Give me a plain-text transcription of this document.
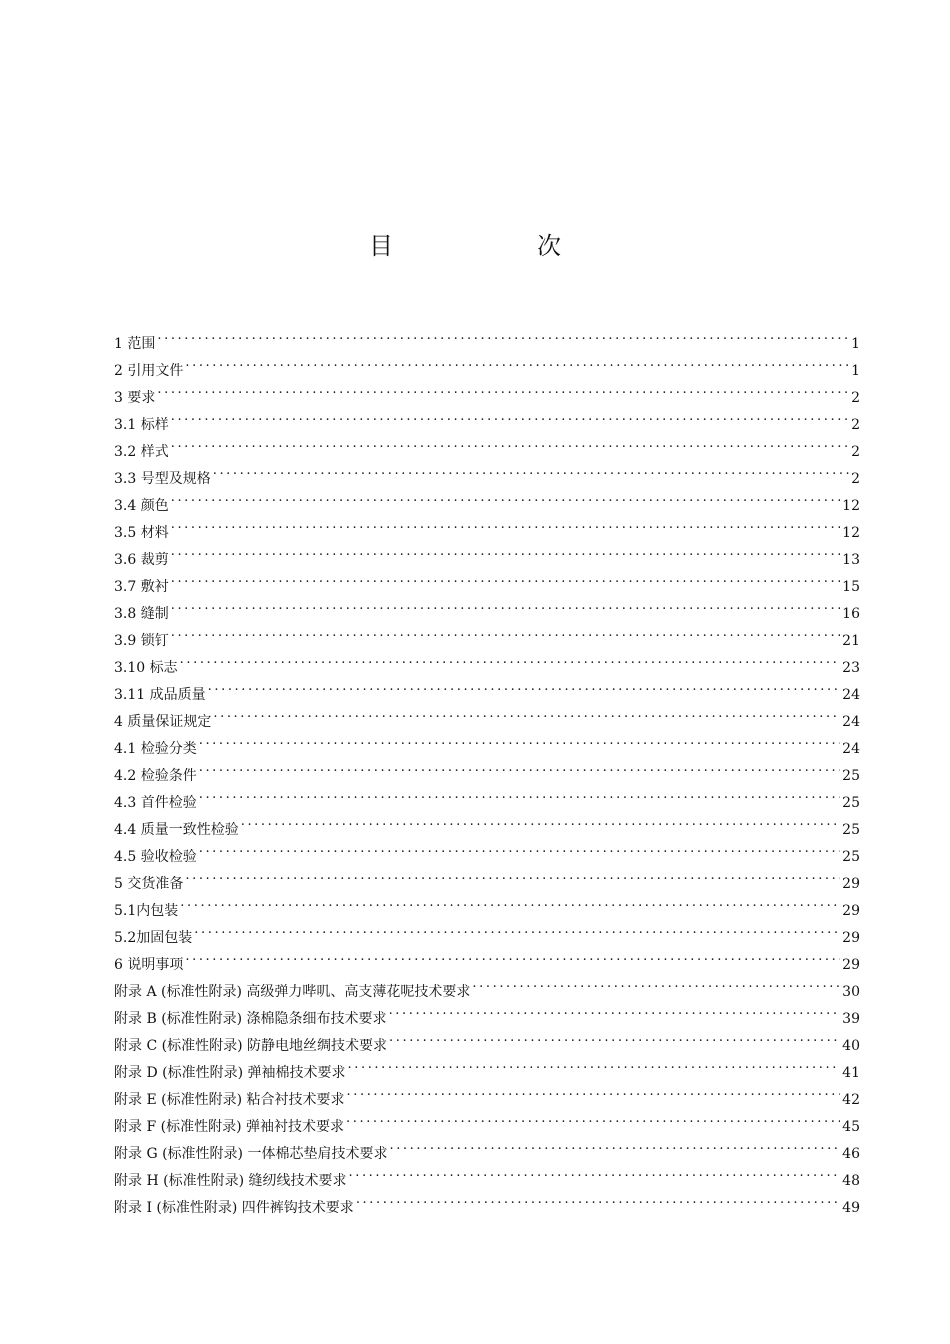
目　次
1 范围 .....	1
2 引用文件 .....	1
3 要求 .....	2
3.1 标样 .....	2
3.2 样式 .....	2
3.3 号型及规格 .....	2
3.4 颜色 .....	12
3.5 材料 .....	12
3.6 裁剪 .....	13
3.7 敷衬 .....	15
3.8 缝制 .....	16
3.9 锁钉 .....	21
3.10 标志 .....	23
3.11 成品质量 .....	24
4 质量保证规定 .....	24
4.1 检验分类 .....	24
4.2 检验条件 .....	25
4.3 首件检验 .....	25
4.4 质量一致性检验 .....	25
4.5 验收检验 .....	25
5 交货准备 .....	29
5.1内包装 .....	29
5.2加固包装 .....	29
6 说明事项 .....	29
附录 A (标准性附录) 高级弹力哔叽、高支薄花呢技术要求 .....	30
附录 B (标准性附录) 涤棉隐条细布技术要求 .....	39
附录 C (标准性附录) 防静电地丝绸技术要求 .....	40
附录 D (标准性附录) 弹袖棉技术要求 .....	41
附录 E (标准性附录) 粘合衬技术要求 .....	42
附录 F (标准性附录) 弹袖衬技术要求 .....	45
附录 G (标准性附录) 一体棉芯垫肩技术要求 .....	46
附录 H (标准性附录) 缝纫线技术要求 .....	48
附录 I (标准性附录) 四件裤钩技术要求 .....	49
